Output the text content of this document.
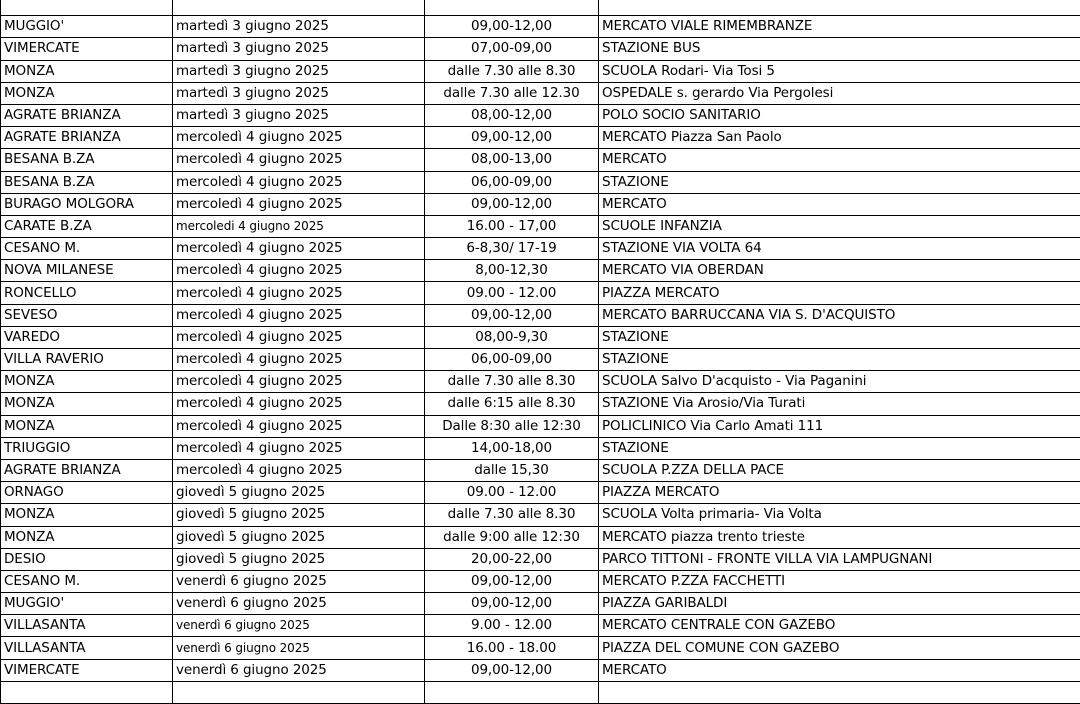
MUGGIO'	martedì 3 giugno 2025	09,00-12,00	MERCATO VIALE RIMEMBRANZE
VIMERCATE	martedì 3 giugno 2025	07,00-09,00	STAZIONE BUS
MONZA	martedì 3 giugno 2025	dalle 7.30 alle 8.30	SCUOLA Rodari- Via Tosi 5
MONZA	martedì 3 giugno 2025	dalle 7.30 alle 12.30	OSPEDALE s. gerardo Via Pergolesi
AGRATE BRIANZA	martedì 3 giugno 2025	08,00-12,00	POLO SOCIO SANITARIO
AGRATE BRIANZA	mercoledì 4 giugno 2025	09,00-12,00	MERCATO Piazza San Paolo
BESANA B.ZA	mercoledì 4 giugno 2025	08,00-13,00	MERCATO
BESANA B.ZA	mercoledì 4 giugno 2025	06,00-09,00	STAZIONE
BURAGO MOLGORA	mercoledì 4 giugno 2025	09,00-12,00	MERCATO
CARATE B.ZA	mercoledi 4 giugno 2025	16.00 - 17,00	SCUOLE INFANZIA
CESANO M.	mercoledì 4 giugno 2025	6-8,30/ 17-19	STAZIONE VIA VOLTA 64
NOVA MILANESE	mercoledì 4 giugno 2025	8,00-12,30	MERCATO VIA OBERDAN
RONCELLO	mercoledì 4 giugno 2025	09.00 - 12.00	PIAZZA MERCATO
SEVESO	mercoledì 4 giugno 2025	09,00-12,00	MERCATO BARRUCCANA VIA S. D'ACQUISTO
VAREDO	mercoledì 4 giugno 2025	08,00-9,30	STAZIONE
VILLA RAVERIO	mercoledì 4 giugno 2025	06,00-09,00	STAZIONE
MONZA	mercoledì 4 giugno 2025	dalle 7.30 alle 8.30	SCUOLA Salvo D'acquisto - Via Paganini
MONZA	mercoledì 4 giugno 2025	dalle 6:15 alle 8.30	STAZIONE Via Arosio/Via Turati
MONZA	mercoledì 4 giugno 2025	Dalle 8:30 alle 12:30	POLICLINICO Via Carlo Amati 111
TRIUGGIO	mercoledì 4 giugno 2025	14,00-18,00	STAZIONE
AGRATE BRIANZA	mercoledì 4 giugno 2025	dalle 15,30	SCUOLA P.ZZA DELLA PACE
ORNAGO	giovedì 5 giugno 2025	09.00 - 12.00	PIAZZA MERCATO
MONZA	giovedì 5 giugno 2025	dalle 7.30 alle 8.30	SCUOLA Volta primaria- Via Volta
MONZA	giovedì 5 giugno 2025	dalle 9:00 alle 12:30	MERCATO piazza trento trieste
DESIO	giovedì 5 giugno 2025	20,00-22,00	PARCO TITTONI - FRONTE VILLA VIA LAMPUGNANI
CESANO M.	venerdì 6 giugno 2025	09,00-12,00	MERCATO P.ZZA FACCHETTI
MUGGIO'	venerdì 6 giugno 2025	09,00-12,00	PIAZZA GARIBALDI
VILLASANTA	venerdì 6 giugno 2025	9.00 - 12.00	MERCATO CENTRALE CON GAZEBO
VILLASANTA	venerdì 6 giugno 2025	16.00 - 18.00	PIAZZA DEL COMUNE CON GAZEBO
VIMERCATE	venerdì 6 giugno 2025	09,00-12,00	MERCATO
